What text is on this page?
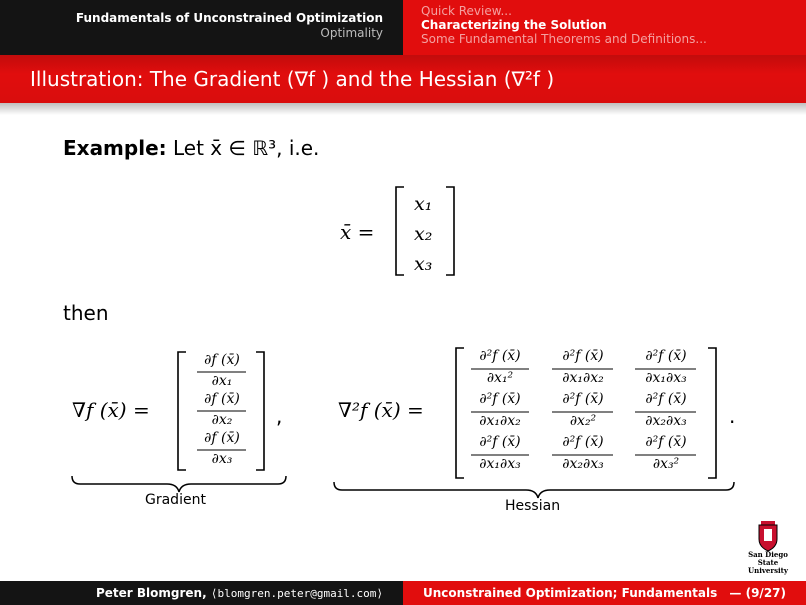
Fundamentals of Unconstrained Optimization
Optimality
Quick Review...
Characterizing the Solution
Some Fundamental Theorems and Definitions...
Illustration: The Gradient (∇f ) and the Hessian (∇²f )
Example: Let x̄ ∈ ℝ³, i.e.
then
x̄ =
x₁
x₂
x₃
∇f (x̄) =
∂f (x̄)
∂x₁
∂f (x̄)
∂x₂
∂f (x̄)
∂x₃
,
Gradient
∇²f (x̄) =
∂²f (x̄)
∂x₁²
∂²f (x̄)
∂x₁∂x₂
∂²f (x̄)
∂x₁∂x₃
∂²f (x̄)
∂x₁∂x₂
∂²f (x̄)
∂x₂²
∂²f (x̄)
∂x₂∂x₃
∂²f (x̄)
∂x₁∂x₃
∂²f (x̄)
∂x₂∂x₃
∂²f (x̄)
∂x₃²
.
Hessian
San Diego State
University
Peter Blomgren, ⟨blomgren.peter@gmail.com⟩	Unconstrained Optimization; Fundamentals — (9/27)
